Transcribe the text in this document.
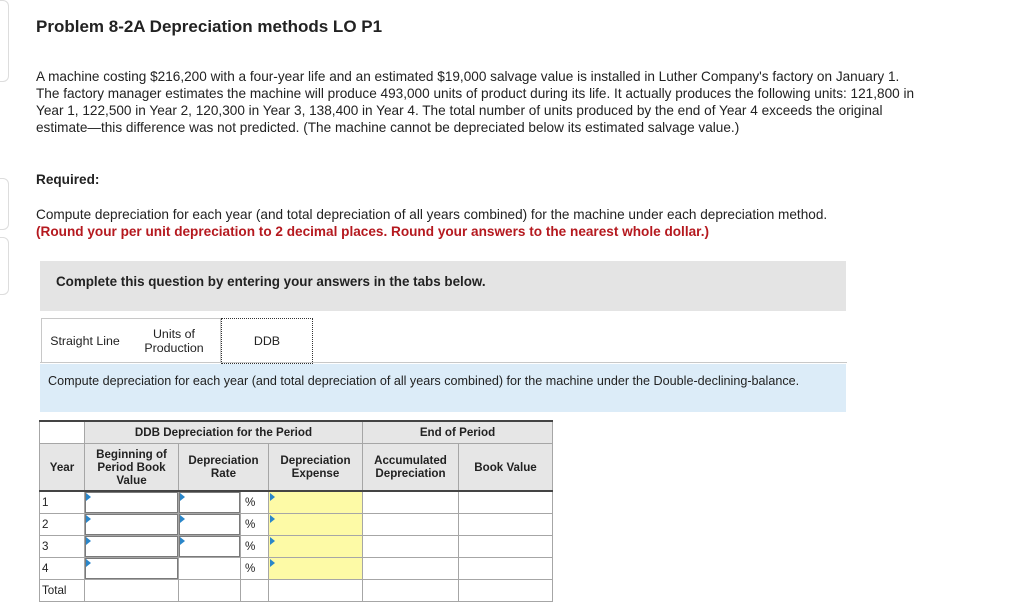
Problem 8-2A Depreciation methods LO P1
A machine costing $216,200 with a four-year life and an estimated $19,000 salvage value is installed in Luther Company's factory on January 1. The factory manager estimates the machine will produce 493,000 units of product during its life. It actually produces the following units: 121,800 in Year 1, 122,500 in Year 2, 120,300 in Year 3, 138,400 in Year 4. The total number of units produced by the end of Year 4 exceeds the original estimate—this difference was not predicted. (The machine cannot be depreciated below its estimated salvage value.)
Required:
Compute depreciation for each year (and total depreciation of all years combined) for the machine under each depreciation method.
(Round your per unit depreciation to 2 decimal places. Round your answers to the nearest whole dollar.)
Complete this question by entering your answers in the tabs below.
Straight Line	Units of Production	DDB
Compute depreciation for each year (and total depreciation of all years combined) for the machine under the Double-declining-balance.
	DDB Depreciation for the Period				End of Period	
Year	Beginning of Period Book Value	Depreciation Rate		Depreciation Expense	Accumulated Depreciation	Book Value
1			%			
2			%			
3			%			
4			%			
Total						
